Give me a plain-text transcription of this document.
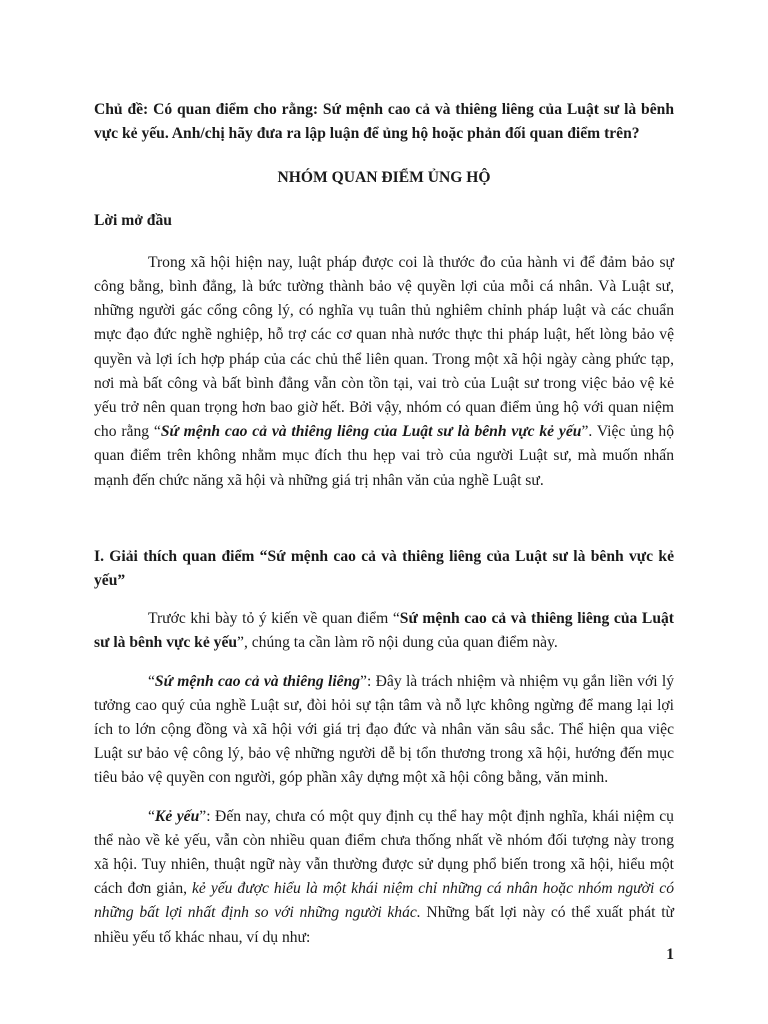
Chủ đề: Có quan điểm cho rằng: Sứ mệnh cao cả và thiêng liêng của Luật sư là bênh vực kẻ yếu. Anh/chị hãy đưa ra lập luận để ủng hộ hoặc phản đối quan điểm trên?

NHÓM QUAN ĐIỂM ỦNG HỘ

Lời mở đầu

Trong xã hội hiện nay, luật pháp được coi là thước đo của hành vi để đảm bảo sự công bằng, bình đẳng, là bức tường thành bảo vệ quyền lợi của mỗi cá nhân. Và Luật sư, những người gác cổng công lý, có nghĩa vụ tuân thủ nghiêm chỉnh pháp luật và các chuẩn mực đạo đức nghề nghiệp, hỗ trợ các cơ quan nhà nước thực thi pháp luật, hết lòng bảo vệ quyền và lợi ích hợp pháp của các chủ thể liên quan. Trong một xã hội ngày càng phức tạp, nơi mà bất công và bất bình đẳng vẫn còn tồn tại, vai trò của Luật sư trong việc bảo vệ kẻ yếu trở nên quan trọng hơn bao giờ hết. Bởi vậy, nhóm có quan điểm ủng hộ với quan niệm cho rằng “Sứ mệnh cao cả và thiêng liêng của Luật sư là bênh vực kẻ yếu”. Việc ủng hộ quan điểm trên không nhằm mục đích thu hẹp vai trò của người Luật sư, mà muốn nhấn mạnh đến chức năng xã hội và những giá trị nhân văn của nghề Luật sư.

I. Giải thích quan điểm “Sứ mệnh cao cả và thiêng liêng của Luật sư là bênh vực kẻ yếu”

Trước khi bày tỏ ý kiến về quan điểm “Sứ mệnh cao cả và thiêng liêng của Luật sư là bênh vực kẻ yếu”, chúng ta cần làm rõ nội dung của quan điểm này.

“Sứ mệnh cao cả và thiêng liêng”: Đây là trách nhiệm và nhiệm vụ gắn liền với lý tưởng cao quý của nghề Luật sư, đòi hỏi sự tận tâm và nỗ lực không ngừng để mang lại lợi ích to lớn cộng đồng và xã hội với giá trị đạo đức và nhân văn sâu sắc. Thể hiện qua việc Luật sư bảo vệ công lý, bảo vệ những người dễ bị tổn thương trong xã hội, hướng đến mục tiêu bảo vệ quyền con người, góp phần xây dựng một xã hội công bằng, văn minh.

“Kẻ yếu”: Đến nay, chưa có một quy định cụ thể hay một định nghĩa, khái niệm cụ thể nào về kẻ yếu, vẫn còn nhiều quan điểm chưa thống nhất về nhóm đối tượng này trong xã hội. Tuy nhiên, thuật ngữ này vẫn thường được sử dụng phổ biến trong xã hội, hiểu một cách đơn giản, kẻ yếu được hiểu là một khái niệm chỉ những cá nhân hoặc nhóm người có những bất lợi nhất định so với những người khác. Những bất lợi này có thể xuất phát từ nhiều yếu tố khác nhau, ví dụ như:

1
